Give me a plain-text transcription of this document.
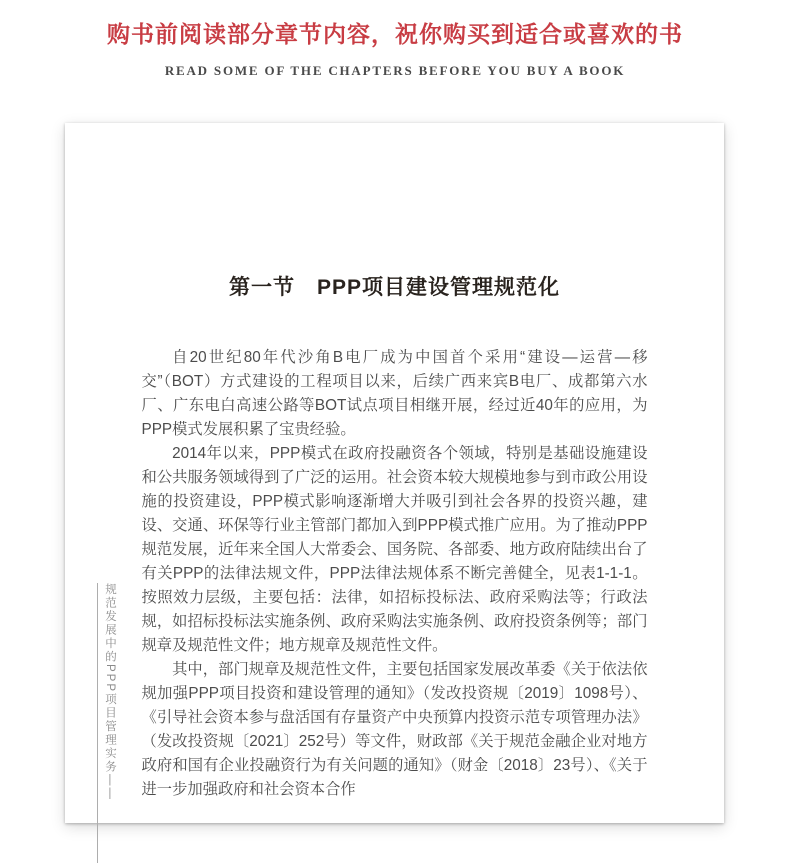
购书前阅读部分章节内容，祝你购买到适合或喜欢的书
READ SOME OF THE CHAPTERS BEFORE YOU BUY A BOOK
第一节　PPP项目建设管理规范化

自20世纪80年代沙角B电厂成为中国首个采用“建设—运营—移交”（BOT）方式建设的工程项目以来，后续广西来宾B电厂、成都第六水厂、广东电白高速公路等BOT试点项目相继开展，经过近40年的应用，为PPP模式发展积累了宝贵经验。

2014年以来，PPP模式在政府投融资各个领域，特别是基础设施建设和公共服务领域得到了广泛的运用。社会资本较大规模地参与到市政公用设施的投资建设，PPP模式影响逐渐增大并吸引到社会各界的投资兴趣，建设、交通、环保等行业主管部门都加入到PPP模式推广应用。为了推动PPP规范发展，近年来全国人大常委会、国务院、各部委、地方政府陆续出台了有关PPP的法律法规文件，PPP法律法规体系不断完善健全，见表1-1-1。按照效力层级，主要包括：法律，如招标投标法、政府采购法等；行政法规，如招标投标法实施条例、政府采购法实施条例、政府投资条例等；部门规章及规范性文件；地方规章及规范性文件。

其中，部门规章及规范性文件，主要包括国家发展改革委《关于依法依规加强PPP项目投资和建设管理的通知》（发改投资规〔2019〕1098号）、《引导社会资本参与盘活国有存量资产中央预算内投资示范专项管理办法》（发改投资规〔2021〕252号）等文件，财政部《关于规范金融企业对地方政府和国有企业投融资行为有关问题的通知》（财金〔2018〕23号）、《关于进一步加强政府和社会资本合作

规范发展中的PPP项目管理实务——
